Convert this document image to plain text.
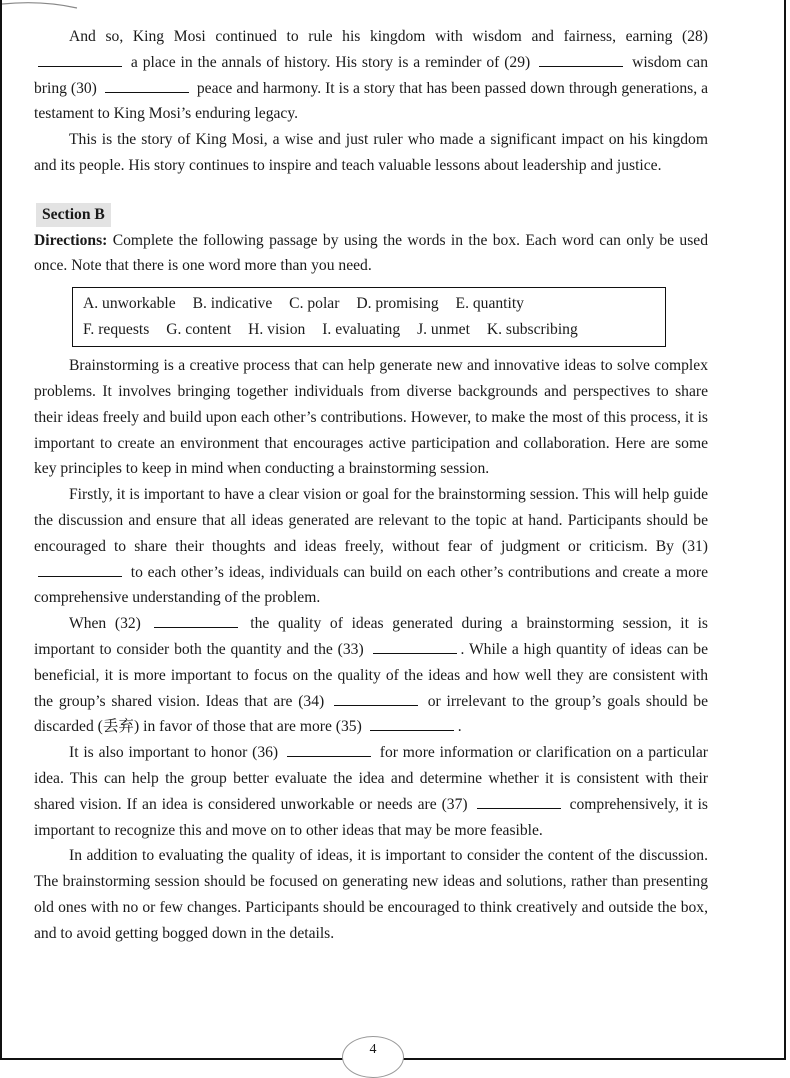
And so, King Mosi continued to rule his kingdom with wisdom and fairness, earning (28)  a place in the annals of history. His story is a reminder of (29)	wisdom can bring (30)	peace and harmony. It is a story that has been passed down through generations, a testament to King Mosi’s enduring legacy.

This is the story of King Mosi, a wise and just ruler who made a significant impact on his kingdom and its people. His story continues to inspire and teach valuable lessons about leadership and justice.

Section B

Directions: Complete the following passage by using the words in the box. Each word can only be used once. Note that there is one word more than you need.

A. unworkable B. indicative C. polar D. promising E. quantity
F. requests G. content H. vision I. evaluating J. unmet K. subscribing

Brainstorming is a creative process that can help generate new and innovative ideas to solve complex problems. It involves bringing together individuals from diverse backgrounds and perspectives to share their ideas freely and build upon each other’s contributions. However, to make the most of this process, it is important to create an environment that encourages active participation and collaboration. Here are some key principles to keep in mind when conducting a brainstorming session.

Firstly, it is important to have a clear vision or goal for the brainstorming session. This will help guide the discussion and ensure that all ideas generated are relevant to the topic at hand. Participants should be encouraged to share their thoughts and ideas freely, without fear of judgment or criticism. By (31)  to each other’s ideas, individuals can build on each other’s contributions and create a more comprehensive understanding of the problem.

When (32)	the quality of ideas generated during a brainstorming session, it is important to consider both the quantity and the (33)	. While a high quantity of ideas can be beneficial, it is more important to focus on the quality of the ideas and how well they are consistent with the group’s shared vision. Ideas that are (34)	or irrelevant to the group’s goals should be discarded (丢弃) in favor of those that are more (35)	.

It is also important to honor (36)	for more information or clarification on a particular idea. This can help the group better evaluate the idea and determine whether it is consistent with their shared vision. If an idea is considered unworkable or needs are (37)	comprehensively, it is important to recognize this and move on to other ideas that may be more feasible.

In addition to evaluating the quality of ideas, it is important to consider the content of the discussion. The brainstorming session should be focused on generating new ideas and solutions, rather than presenting old ones with no or few changes. Participants should be encouraged to think creatively and outside the box, and to avoid getting bogged down in the details.

4
